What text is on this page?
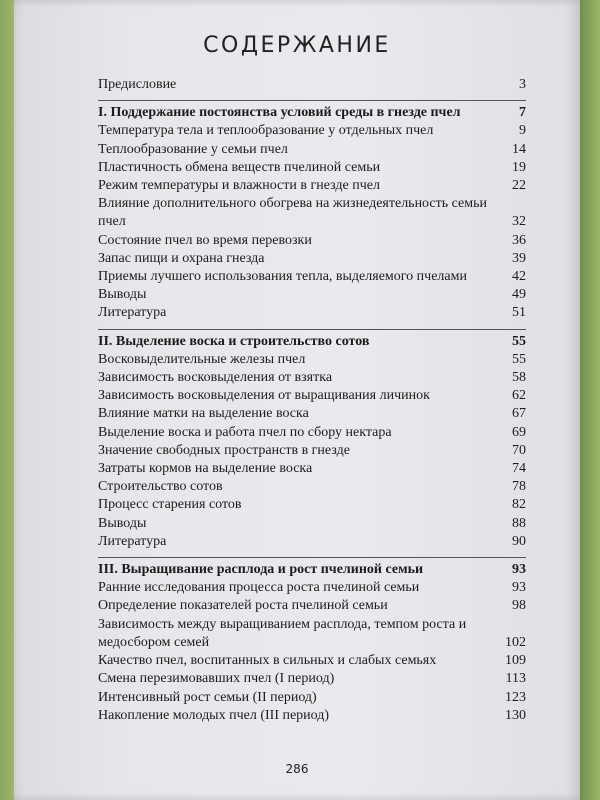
СОДЕРЖАНИЕ
Предисловие	3
I. Поддержание постоянства условий среды в гнезде пчел	7
Температура тела и теплообразование у отдельных пчел	9
Теплообразование у семьи пчел	14
Пластичность обмена веществ пчелиной семьи	19
Режим температуры и влажности в гнезде пчел	22
Влияние дополнительного обогрева на жизнедеятельность семьи пчел	32
Состояние пчел во время перевозки	36
Запас пищи и охрана гнезда	39
Приемы лучшего использования тепла, выделяемого пчелами	42
Выводы	49
Литература	51
II. Выделение воска и строительство сотов	55
Восковыделительные железы пчел	55
Зависимость восковыделения от взятка	58
Зависимость восковыделения от выращивания личинок	62
Влияние матки на выделение воска	67
Выделение воска и работа пчел по сбору нектара	69
Значение свободных пространств в гнезде	70
Затраты кормов на выделение воска	74
Строительство сотов	78
Процесс старения сотов	82
Выводы	88
Литература	90
III. Выращивание расплода и рост пчелиной семьи	93
Ранние исследования процесса роста пчелиной семьи	93
Определение показателей роста пчелиной семьи	98
Зависимость между выращиванием расплода, темпом роста и медосбором семей	102
Качество пчел, воспитанных в сильных и слабых семьях	109
Смена перезимовавших пчел (I период)	113
Интенсивный рост семьи (II период)	123
Накопление молодых пчел (III период)	130
286
